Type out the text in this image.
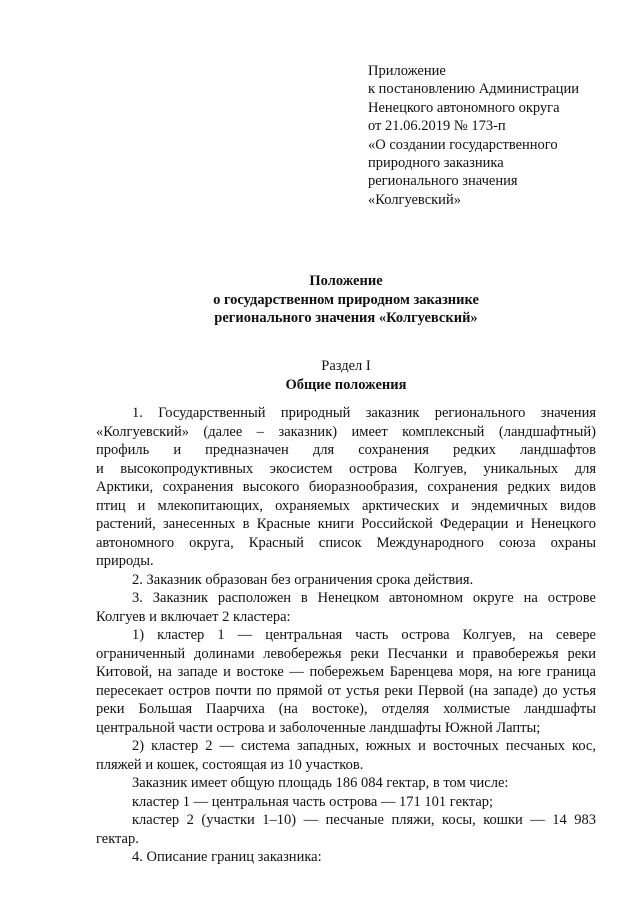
Приложение
к постановлению Администрации
Ненецкого автономного округа
от 21.06.2019 № 173-п
«О создании государственного
природного заказника
регионального значения
«Колгуевский»
Положение
о государственном природном заказнике
регионального значения «Колгуевский»
Раздел I
Общие положения
1. Государственный природный заказник регионального значения
«Колгуевский» (далее – заказник) имеет комплексный (ландшафтный)
профиль и предназначен для сохранения редких ландшафтов
и высокопродуктивных экосистем острова Колгуев, уникальных для
Арктики, сохранения высокого биоразнообразия, сохранения редких видов
птиц и млекопитающих, охраняемых арктических и эндемичных видов
растений, занесенных в Красные книги Российской Федерации и Ненецкого
автономного округа, Красный список Международного союза охраны
природы.
2. Заказник образован без ограничения срока действия.
3. Заказник расположен в Ненецком автономном округе на острове
Колгуев и включает 2 кластера:
1) кластер 1 — центральная часть острова Колгуев, на севере
ограниченный долинами левобережья реки Песчанки и правобережья реки
Китовой, на западе и востоке — побережьем Баренцева моря, на юге граница
пересекает остров почти по прямой от устья реки Первой (на западе) до устья
реки Большая Паарчиха (на востоке), отделяя холмистые ландшафты
центральной части острова и заболоченные ландшафты Южной Лапты;
2) кластер 2 — система западных, южных и восточных песчаных кос,
пляжей и кошек, состоящая из 10 участков.
Заказник имеет общую площадь 186 084 гектар, в том числе:
кластер 1 — центральная часть острова — 171 101 гектар;
кластер 2 (участки 1–10) — песчаные пляжи, косы, кошки — 14 983
гектар.
4. Описание границ заказника:
